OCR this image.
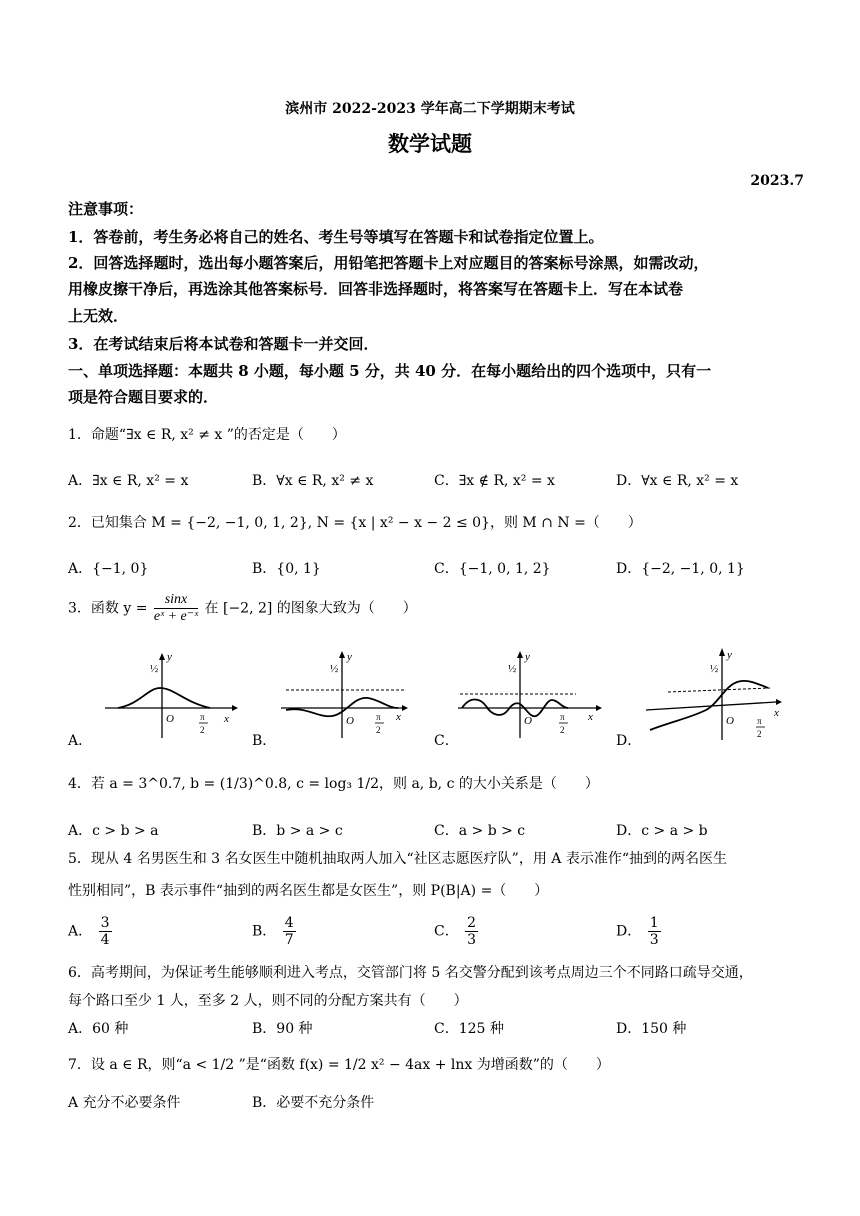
滨州市 2022-2023 学年高二下学期期末考试
数学试题
2023.7
注意事项：
1．答卷前，考生务必将自己的姓名、考生号等填写在答题卡和试卷指定位置上。
2．回答选择题时，选出每小题答案后，用铅笔把答题卡上对应题目的答案标号涂黑，如需改动，
用橡皮擦干净后，再选涂其他答案标号．回答非选择题时，将答案写在答题卡上．写在本试卷
上无效．
3．在考试结束后将本试卷和答题卡一并交回．
一、单项选择题：本题共 8 小题，每小题 5 分，共 40 分．在每小题给出的四个选项中，只有一
项是符合题目要求的．
1．命题“∃x ∈ R, x² ≠ x ”的否定是（　　）
A．∃x ∈ R, x² = x	B．∀x ∈ R, x² ≠ x	C．∃x ∉ R, x² = x	D．∀x ∈ R, x² = x
2．已知集合 M = {−2, −1, 0, 1, 2}, N = {x | x² − x − 2 ≤ 0}，则 M ∩ N =（　　）
A．{−1, 0}	B．{0, 1}	C．{−1, 0, 1, 2}	D．{−2, −1, 0, 1}
3．函数 $y = \frac{\sin x}{\text{eˣ + e⁻ˣ}}$ 在 [−2, 2] 的图象大致为（　　）
A．	B．	C．	D．
½
y
O	π
2
x
½
y
O π
2
x
½
y
O	π
2
x
½
y
O	π
2
x
4．若 a = 3^0.7, b = (1/3)^0.8, c = log₃ 1/2，则 a, b, c 的大小关系是（　　）
A．c > b > a	B．b > a > c	C．a > b > c	D．c > a > b
5．现从 4 名男医生和 3 名女医生中随机抽取两人加入“社区志愿医疗队”，用 A 表示准作“抽到的两名医生
性别相同”，B 表示事件“抽到的两名医生都是女医生”，则 P(B|A) =（　　）
A． $\frac{3}{4}$	B． $\frac{4}{7}$	C． $\frac{2}{3}$	D． $\frac{1}{3}$
6．高考期间，为保证考生能够顺利进入考点，交管部门将 5 名交警分配到该考点周边三个不同路口疏导交通，
每个路口至少 1 人，至多 2 人，则不同的分配方案共有（　　）
A．60 种	B．90 种	C．125 种	D．150 种
7．设 a ∈ R，则“a < 1/2 ”是“函数 f(x) = 1/2 x² − 4ax + lnx 为增函数”的（　　）
A 充分不必要条件	B．必要不充分条件
